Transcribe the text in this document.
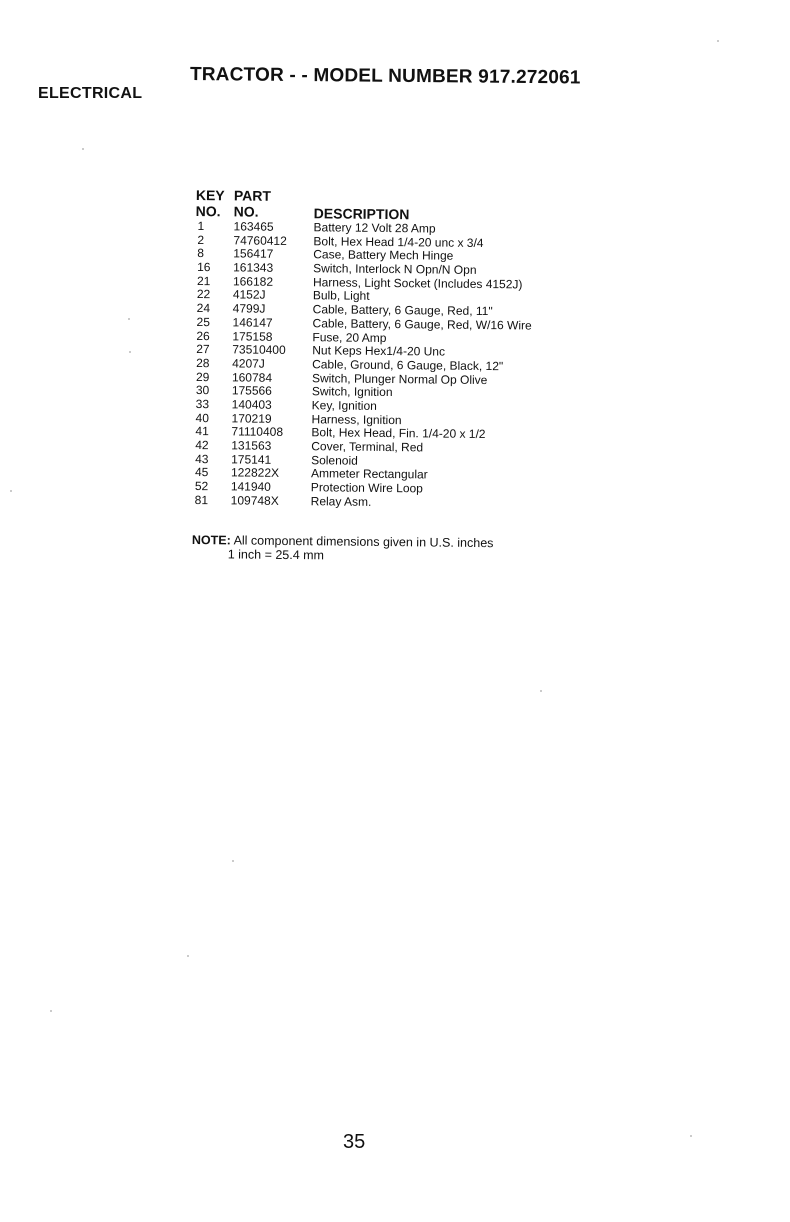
TRACTOR - - MODEL NUMBER 917.272061
ELECTRICAL
KEY
NO.
PART
NO.	DESCRIPTION
1 163465	Battery 12 Volt 28 Amp
2 74760412 Bolt, Hex Head 1/4-20 unc x 3/4
8 156417	Case, Battery Mech Hinge
16 161343	Switch, Interlock N Opn/N Opn
21 166182	Harness, Light Socket (Includes 4152J)
22 4152J	Bulb, Light
24 4799J	Cable, Battery, 6 Gauge, Red, 11"
25 146147	Cable, Battery, 6 Gauge, Red, W/16 Wire
26 175158	Fuse, 20 Amp
27 73510400 Nut Keps Hex1/4-20 Unc
28 4207J	Cable, Ground, 6 Gauge, Black, 12"
29 160784	Switch, Plunger Normal Op Olive
30 175566	Switch, Ignition
33 140403	Key, Ignition
40 170219	Harness, Ignition
41 71110408 Bolt, Hex Head, Fin. 1/4-20 x 1/2
42 131563	Cover, Terminal, Red
43 175141	Solenoid
45 122822X	Ammeter Rectangular
52 141940	Protection Wire Loop
81 109748X	Relay Asm.
NOTE: All component dimensions given in U.S. inches
1 inch = 25.4 mm
35
